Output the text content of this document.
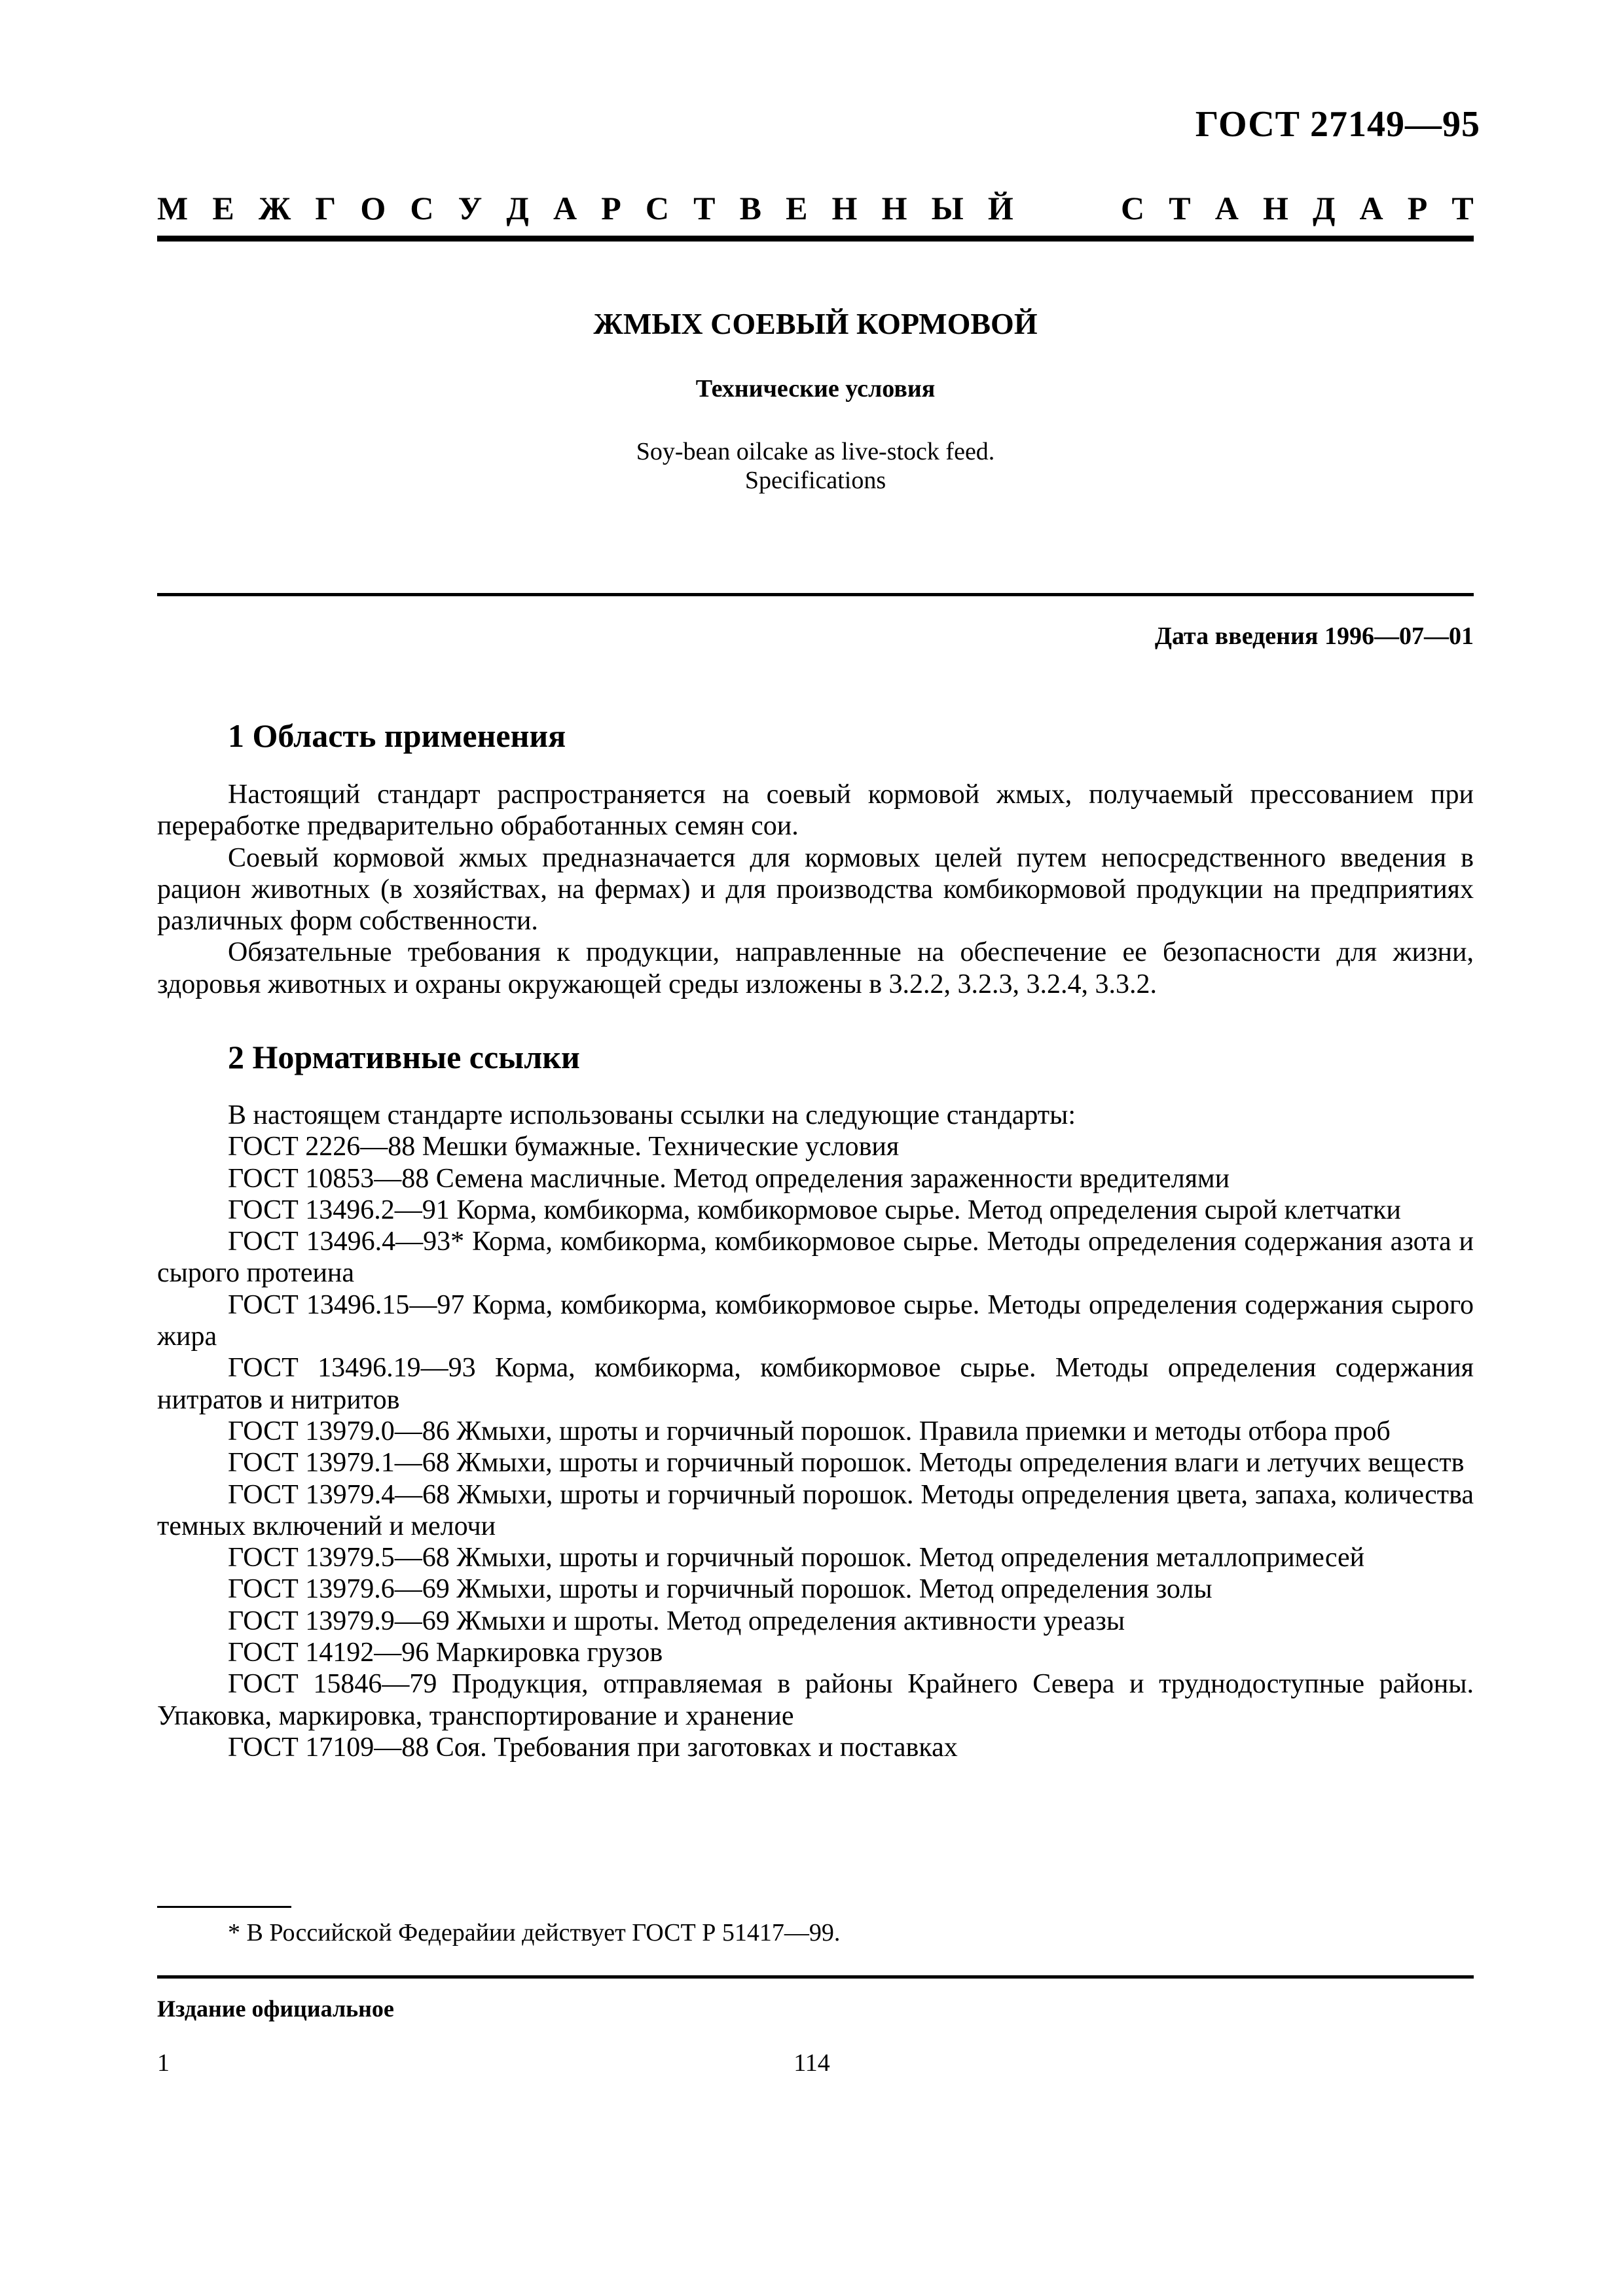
ГОСТ 27149—95
М Е Ж Г О С У Д А Р С Т В Е Н Н Ы Й	С Т А Н Д А Р Т
ЖМЫХ СОЕВЫЙ КОРМОВОЙ
Технические условия
Soy-bean oilcake as live-stock feed.
Specifications
Дата введения 1996—07—01
1 Область применения

Настоящий стандарт распространяется на соевый кормовой жмых, получаемый прессованием при переработке предварительно обработанных семян сои.

Соевый кормовой жмых предназначается для кормовых целей путем непосредственного введения в рацион животных (в хозяйствах, на фермах) и для производства комбикормовой продукции на предприятиях различных форм собственности.

Обязательные требования к продукции, направленные на обеспечение ее безопасности для жизни, здоровья животных и охраны окружающей среды изложены в 3.2.2, 3.2.3, 3.2.4, 3.3.2.

2 Нормативные ссылки

В настоящем стандарте использованы ссылки на следующие стандарты:

ГОСТ 2226—88 Мешки бумажные. Технические условия

ГОСТ 10853—88 Семена масличные. Метод определения зараженности вредителями

ГОСТ 13496.2—91 Корма, комбикорма, комбикормовое сырье. Метод определения сырой клетчатки

ГОСТ 13496.4—93* Корма, комбикорма, комбикормовое сырье. Методы определения содержания азота и сырого протеина

ГОСТ 13496.15—97 Корма, комбикорма, комбикормовое сырье. Методы определения содержания сырого жира

ГОСТ 13496.19—93 Корма, комбикорма, комбикормовое сырье. Методы определения содержания нитратов и нитритов

ГОСТ 13979.0—86 Жмыхи, шроты и горчичный порошок. Правила приемки и методы отбора проб

ГОСТ 13979.1—68 Жмыхи, шроты и горчичный порошок. Методы определения влаги и летучих веществ

ГОСТ 13979.4—68 Жмыхи, шроты и горчичный порошок. Методы определения цвета, запаха, количества темных включений и мелочи

ГОСТ 13979.5—68 Жмыхи, шроты и горчичный порошок. Метод определения металлопримесей

ГОСТ 13979.6—69 Жмыхи, шроты и горчичный порошок. Метод определения золы

ГОСТ 13979.9—69 Жмыхи и шроты. Метод определения активности уреазы

ГОСТ 14192—96 Маркировка грузов

ГОСТ 15846—79 Продукция, отправляемая в районы Крайнего Севера и труднодоступные районы. Упаковка, маркировка, транспортирование и хранение

ГОСТ 17109—88 Соя. Требования при заготовках и поставках

* В Российской Федерайии действует ГОСТ Р 51417—99.
Издание официальное
1	114
